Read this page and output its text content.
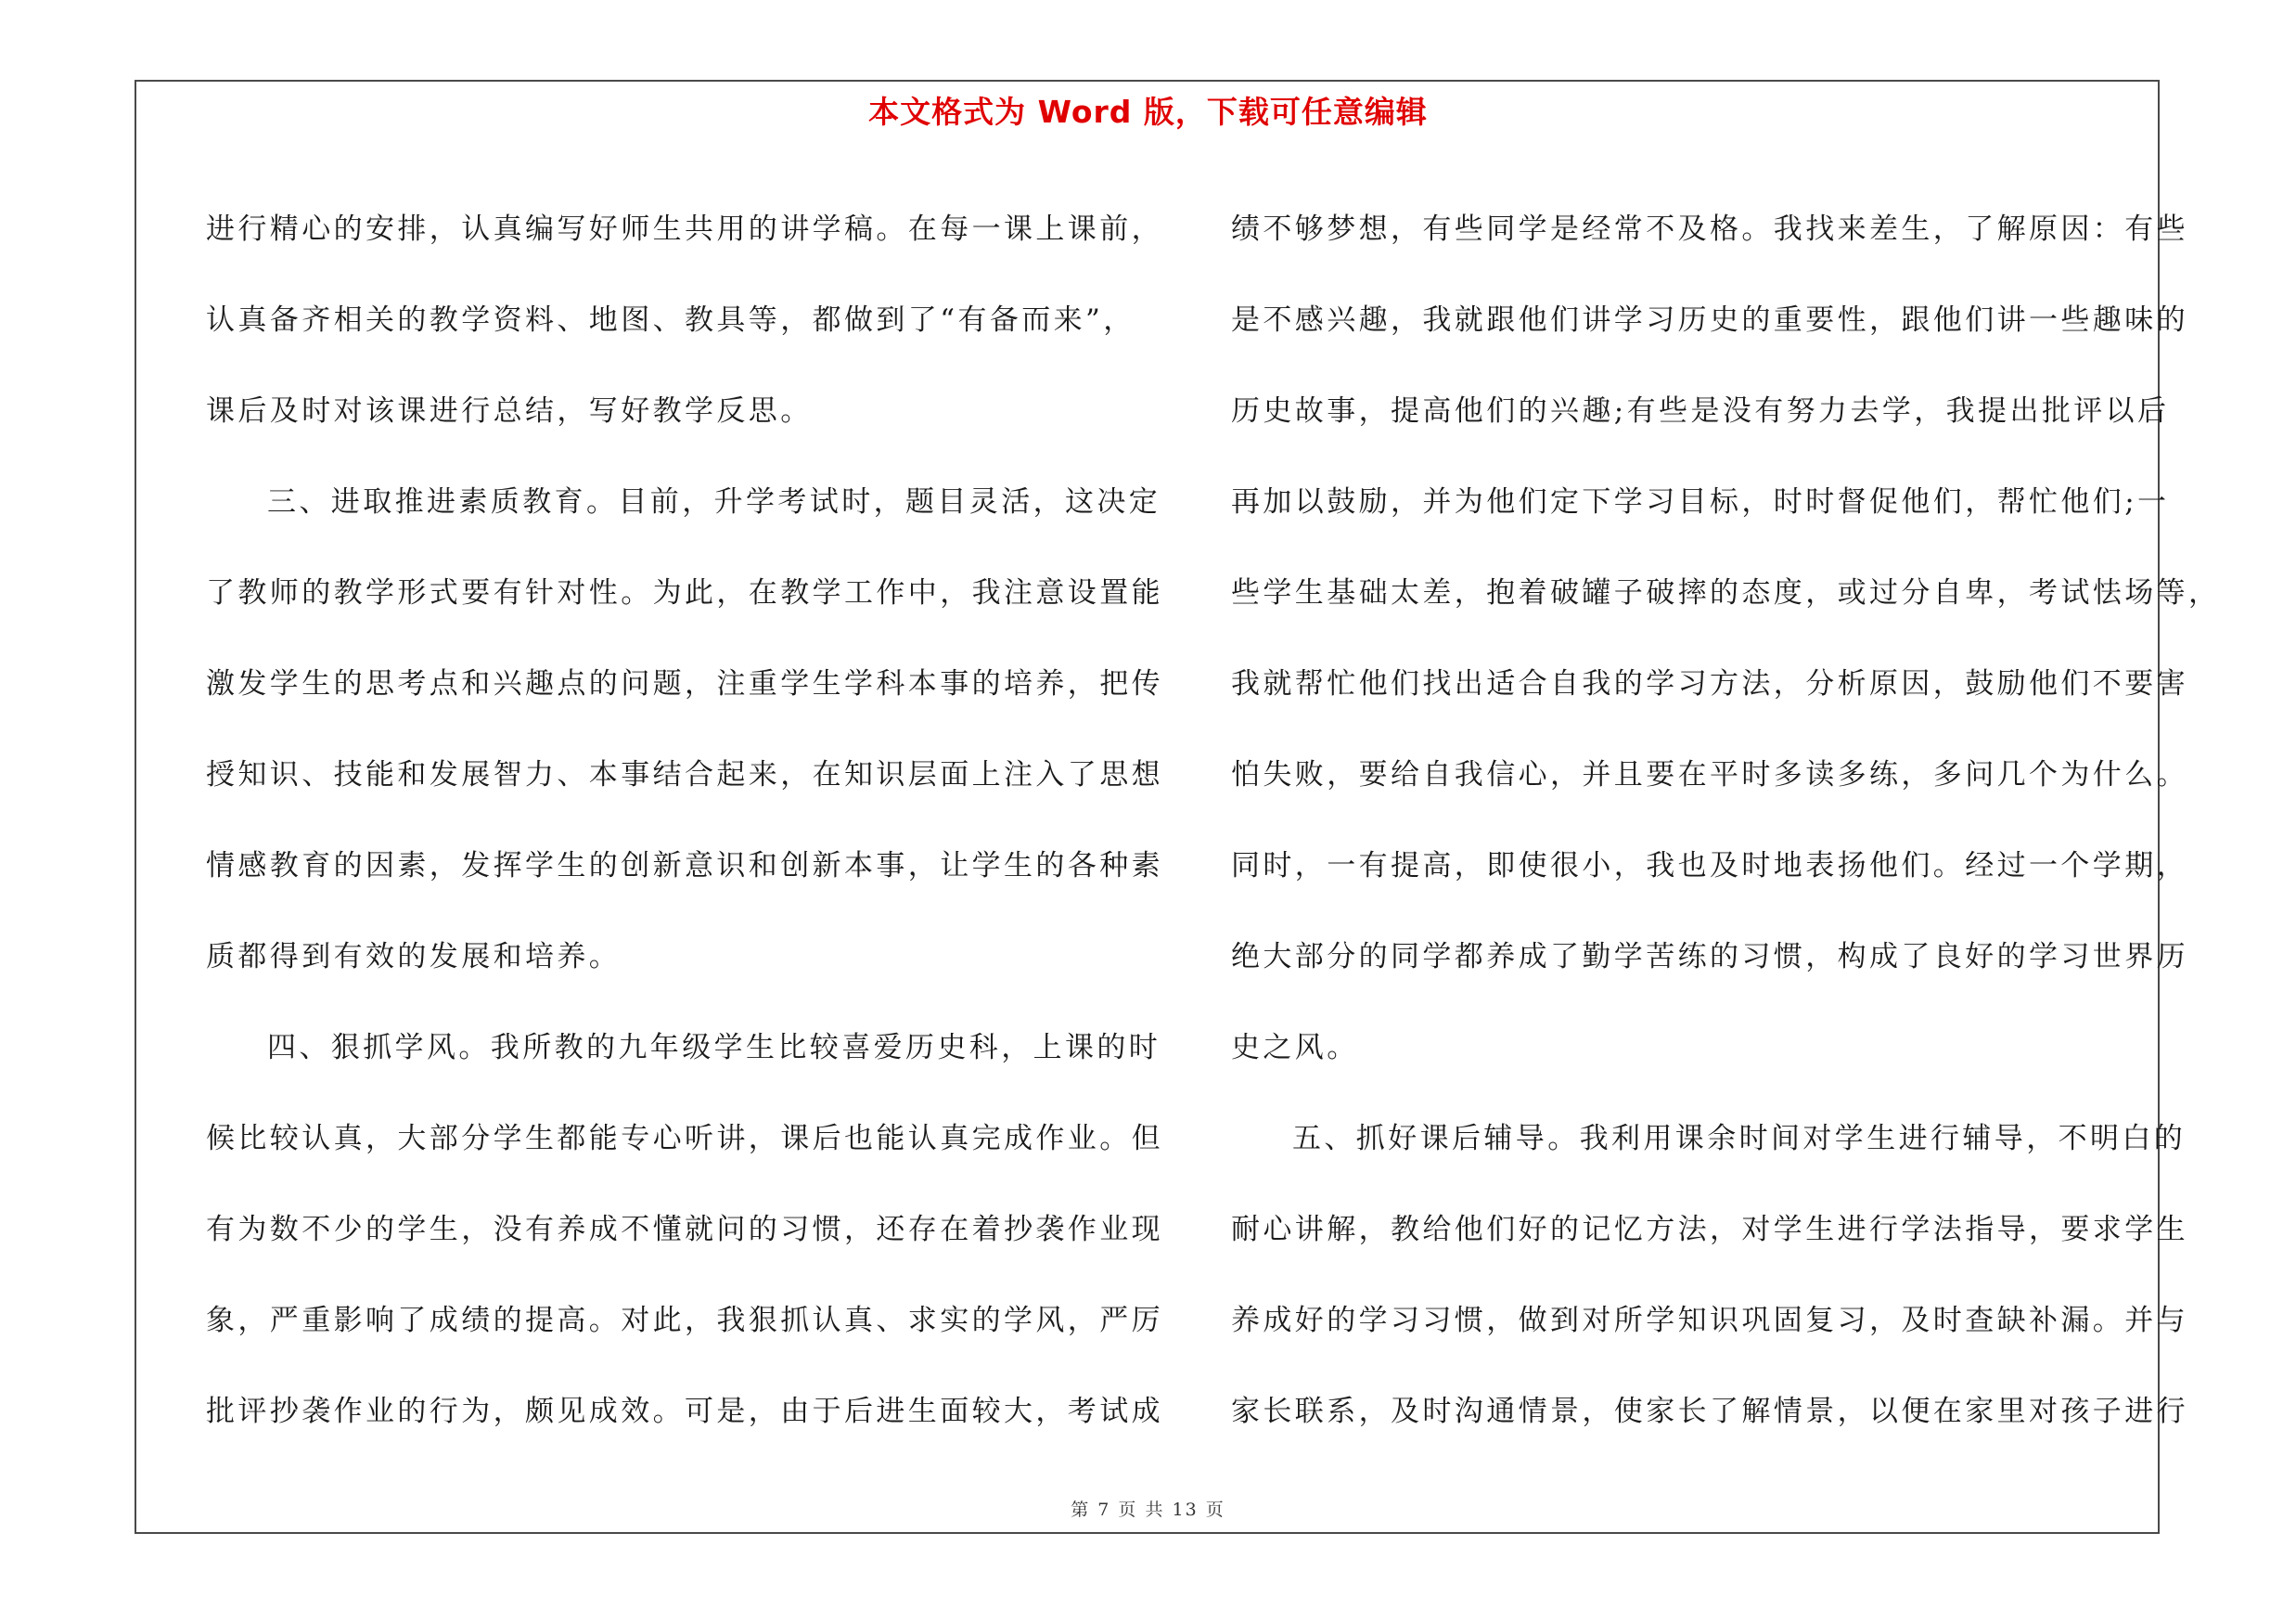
本文格式为 Word 版，下载可任意编辑
进行精心的安排，认真编写好师生共用的讲学稿。在每一课上课前，
认真备齐相关的教学资料、地图、教具等，都做到了“有备而来”，
课后及时对该课进行总结，写好教学反思。
三、进取推进素质教育。目前，升学考试时，题目灵活，这决定
了教师的教学形式要有针对性。为此，在教学工作中，我注意设置能
激发学生的思考点和兴趣点的问题，注重学生学科本事的培养，把传
授知识、技能和发展智力、本事结合起来，在知识层面上注入了思想
情感教育的因素，发挥学生的创新意识和创新本事，让学生的各种素
质都得到有效的发展和培养。
四、狠抓学风。我所教的九年级学生比较喜爱历史科，上课的时
候比较认真，大部分学生都能专心听讲，课后也能认真完成作业。但
有为数不少的学生，没有养成不懂就问的习惯，还存在着抄袭作业现
象，严重影响了成绩的提高。对此，我狠抓认真、求实的学风，严厉
批评抄袭作业的行为，颇见成效。可是，由于后进生面较大，考试成
绩不够梦想，有些同学是经常不及格。我找来差生，了解原因：有些
是不感兴趣，我就跟他们讲学习历史的重要性，跟他们讲一些趣味的
历史故事，提高他们的兴趣;有些是没有努力去学，我提出批评以后
再加以鼓励，并为他们定下学习目标，时时督促他们，帮忙他们;一
些学生基础太差，抱着破罐子破摔的态度，或过分自卑，考试怯场等，
我就帮忙他们找出适合自我的学习方法，分析原因，鼓励他们不要害
怕失败，要给自我信心，并且要在平时多读多练，多问几个为什么。
同时，一有提高，即使很小，我也及时地表扬他们。经过一个学期，
绝大部分的同学都养成了勤学苦练的习惯，构成了良好的学习世界历
史之风。
五、抓好课后辅导。我利用课余时间对学生进行辅导，不明白的
耐心讲解，教给他们好的记忆方法，对学生进行学法指导，要求学生
养成好的学习习惯，做到对所学知识巩固复习，及时查缺补漏。并与
家长联系，及时沟通情景，使家长了解情景，以便在家里对孩子进行
第 7 页 共 13 页
